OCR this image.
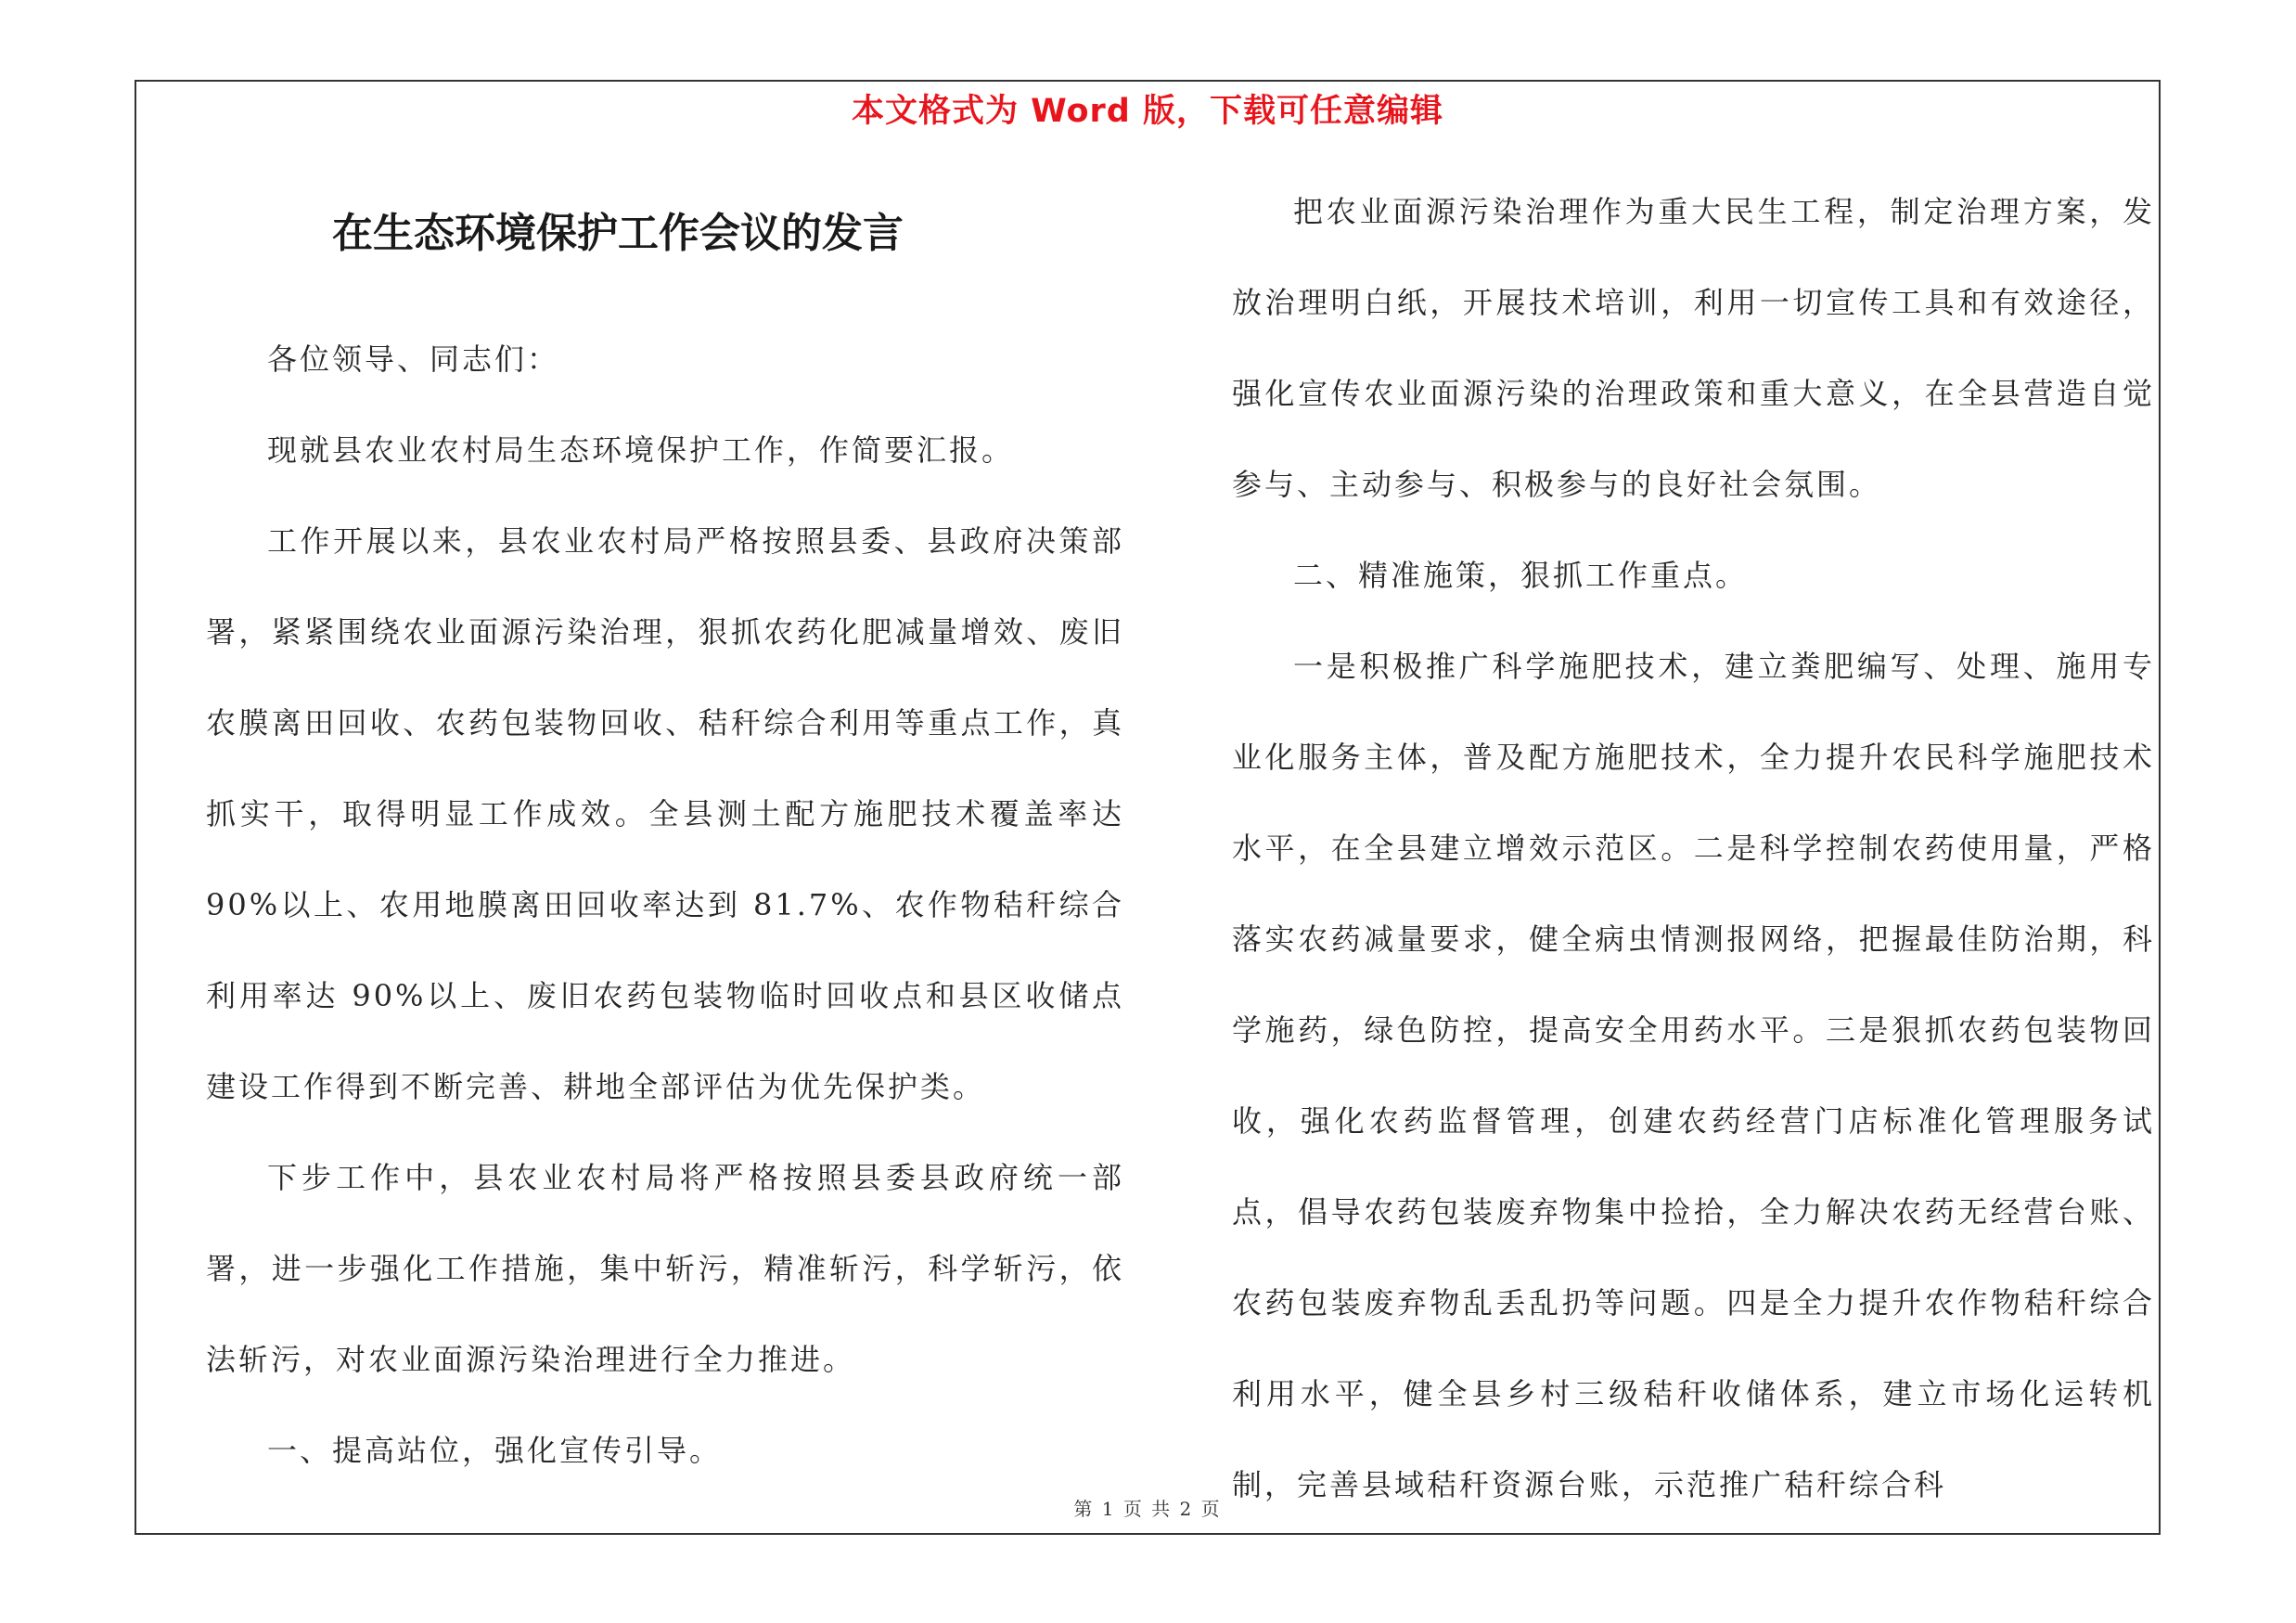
本文格式为 Word 版，下载可任意编辑
在生态环境保护工作会议的发言

各位领导、同志们：

现就县农业农村局生态环境保护工作，作简要汇报。

工作开展以来，县农业农村局严格按照县委、县政府决策部署，紧紧围绕农业面源污染治理，狠抓农药化肥减量增效、废旧农膜离田回收、农药包装物回收、秸秆综合利用等重点工作，真抓实干，取得明显工作成效。全县测土配方施肥技术覆盖率达 90%以上、农用地膜离田回收率达到 81.7%、农作物秸秆综合利用率达 90%以上、废旧农药包装物临时回收点和县区收储点建设工作得到不断完善、耕地全部评估为优先保护类。

下步工作中，县农业农村局将严格按照县委县政府统一部署，进一步强化工作措施，集中斩污，精准斩污，科学斩污，依法斩污，对农业面源污染治理进行全力推进。

一、提高站位，强化宣传引导。

把农业面源污染治理作为重大民生工程，制定治理方案，发放治理明白纸，开展技术培训，利用一切宣传工具和有效途径，强化宣传农业面源污染的治理政策和重大意义，在全县营造自觉参与、主动参与、积极参与的良好社会氛围。

二、精准施策，狠抓工作重点。

一是积极推广科学施肥技术，建立粪肥编写、处理、施用专业化服务主体，普及配方施肥技术，全力提升农民科学施肥技术水平，在全县建立增效示范区。二是科学控制农药使用量，严格落实农药减量要求，健全病虫情测报网络，把握最佳防治期，科学施药，绿色防控，提高安全用药水平。三是狠抓农药包装物回收，强化农药监督管理，创建农药经营门店标准化管理服务试点，倡导农药包装废弃物集中捡拾，全力解决农药无经营台账、农药包装废弃物乱丢乱扔等问题。四是全力提升农作物秸秆综合利用水平，健全县乡村三级秸秆收储体系，建立市场化运转机制，完善县域秸秆资源台账，示范推广秸秆综合科

第 1 页 共 2 页
